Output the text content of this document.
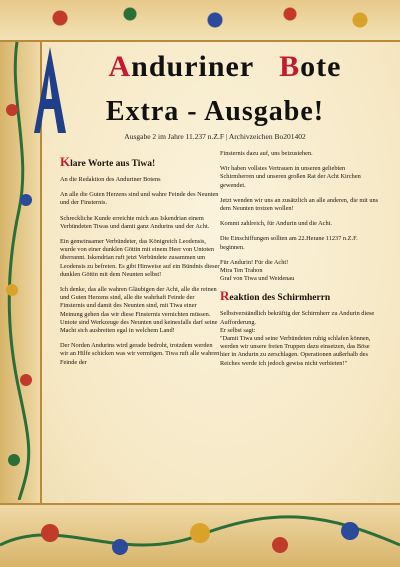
Anduriner Bote
Extra - Ausgabe!
Ausgabe 2 im Jahre 11.237 n.Z.F | Archivzeichen Bo201402
Klare Worte aus Tiwa!

An die Redaktion des Anduriner Botens

An alle die Guten Herzens sind und wahre Feinde des Neunten und der Finsternis.

Schreckliche Kunde erreichte mich aus Iskendrian einem Verbündeten Tiwas und damit ganz Andurins und der Acht.

Ein gemeinsamer Verbündeter, das Königreich Leodensis, wurde von einer dunklen Göttin mit einem Heer von Untoten überrannt. Iskendrian ruft jetzt Verbündete zusammen um Leodensis zu befreien. Es gibt Hinweise auf ein Bündnis dieser dunklen Göttin mit dem Neunten selbst!

Ich denke, das alle wahren Gläubigen der Acht, alle die reinen und Guten Herzens sind, alle die wahrhaft Feinde der Finsternis und damit des Neunten sind, mit Tiwa einer Meinung gehen das wir diese Finsternis vernichten müssen. Untote sind Werkzeuge des Neunten und keinesfalls darf seine Macht sich ausbreiten egal in welchem Land!

Der Norden Andurins wird gerade bedroht, trotzdem werden wir an Hilfe schicken was wir vermögen. Tiwa ruft alle wahren Feinde der

Finsternis dazu auf, uns beizustehen.

Wir haben vollstes Vertrauen in unseren geliebten Schirmherren und unseren großen Rat der Acht Kirchen gewendet.

Jetzt wenden wir uns an zusätzlich an alle anderen, die mit uns dem Neunten trotzen wollen!

Kommt zahlreich, für Andurin und die Acht.

Die Einschiffungen sollten am 22.Herane 11237 n.Z.F. beginnen.

Für Andurin! Für die Acht!
Mira Ten Trahon
Graf von Tiwa und Weidenau
Reaktion des Schirmherrn

Selbstverständlich bekräftig der Schirmherr zu Andurin diese Aufforderung.

Er selbst sagt:

"Damit Tiwa und seine Verbündeten ruhig schlafen können, werden wir unsere freien Truppen dazu einsetzen, das Böse hier in Andurin zu zerschlagen. Operationen außerhalb des Reiches werde ich jedoch gewiss nicht verbieten!"
